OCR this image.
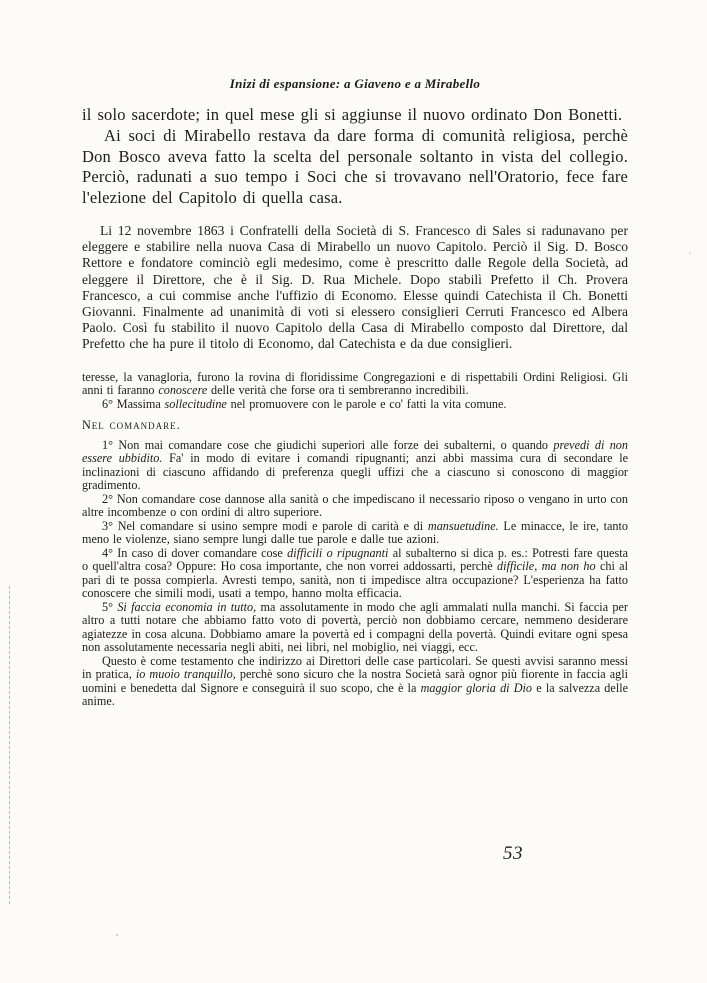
Inizi di espansione: a Giaveno e a Mirabello

il solo sacerdote; in quel mese gli si aggiunse il nuovo ordinato Don Bonetti.

Ai soci di Mirabello restava da dare forma di comunità religiosa, perchè Don Bosco aveva fatto la scelta del personale soltanto in vista del collegio. Perciò, radunati a suo tempo i Soci che si trovavano nell'Oratorio, fece fare l'elezione del Capitolo di quella casa.

Li 12 novembre 1863 i Confratelli della Società di S. Francesco di Sales si radunavano per eleggere e stabilire nella nuova Casa di Mirabello un nuovo Capitolo. Perciò il Sig. D. Bosco Rettore e fondatore cominciò egli medesimo, come è prescritto dalle Regole della Società, ad eleggere il Direttore, che è il Sig. D. Rua Michele. Dopo stabilì Prefetto il Ch. Provera Francesco, a cui commise anche l'uffizio di Economo. Elesse quindi Catechista il Ch. Bonetti Giovanni. Finalmente ad unanimità di voti si elessero consiglieri Cerruti Francesco ed Albera Paolo. Così fu stabilito il nuovo Capitolo della Casa di Mirabello composto dal Direttore, dal Prefetto che ha pure il titolo di Economo, dal Catechista e da due consiglieri.

teresse, la vanagloria, furono la rovina di floridissime Congregazioni e di rispettabili Ordini Religiosi. Gli anni ti faranno conoscere delle verità che forse ora ti sembreranno incredibili.

6° Massima sollecitudine nel promuovere con le parole e co' fatti la vita comune.

Nel comandare.

1° Non mai comandare cose che giudichi superiori alle forze dei subalterni, o quando prevedi di non essere ubbidito. Fa' in modo di evitare i comandi ripugnanti; anzi abbi massima cura di secondare le inclinazioni di ciascuno affidando di preferenza quegli uffizi che a ciascuno si conoscono di maggior gradimento.

2° Non comandare cose dannose alla sanità o che impediscano il necessario riposo o vengano in urto con altre incombenze o con ordini di altro superiore.

3° Nel comandare si usino sempre modi e parole di carità e di mansuetudine. Le minacce, le ire, tanto meno le violenze, siano sempre lungi dalle tue parole e dalle tue azioni.

4° In caso di dover comandare cose difficili o ripugnanti al subalterno si dica p. es.: Potresti fare questa o quell'altra cosa? Oppure: Ho cosa importante, che non vorrei addossarti, perchè difficile, ma non ho chi al pari di te possa compierla. Avresti tempo, sanità, non ti impedisce altra occupazione? L'esperienza ha fatto conoscere che simili modi, usati a tempo, hanno molta efficacia.

5° Si faccia economia in tutto, ma assolutamente in modo che agli ammalati nulla manchi. Si faccia per altro a tutti notare che abbiamo fatto voto di povertà, perciò non dobbiamo cercare, nemmeno desiderare agiatezze in cosa alcuna. Dobbiamo amare la povertà ed i compagni della povertà. Quindi evitare ogni spesa non assolutamente necessaria negli abiti, nei libri, nel mobiglio, nei viaggi, ecc.

Questo è come testamento che indirizzo ai Direttori delle case particolari. Se questi avvisi saranno messi in pratica, io muoio tranquillo, perchè sono sicuro che la nostra Società sarà ognor più fiorente in faccia agli uomini e benedetta dal Signore e conseguirà il suo scopo, che è la maggior gloria di Dio e la salvezza delle anime.

53
